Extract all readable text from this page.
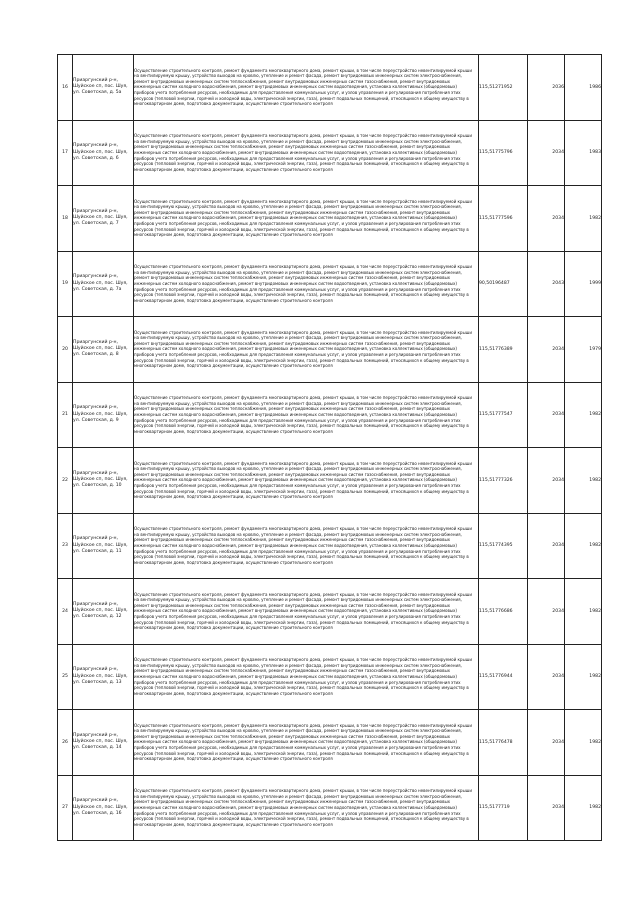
16	Приаргунский р-н, Шуйское сп, пос. Шуя, ул. Советская, д. 5а	Осуществление строительного контроля, ремонт фундамента многоквартирного дома, ремонт крыши, в том числе переустройство невентилируемой крыши на вентилируемую крышу, устройство выходов на кровлю, утепление и ремонт фасада, ремонт внутридомовых инженерных систем электроснабжения, ремонт внутридомовых инженерных систем теплоснабжения, ремонт внутридомовых инженерных систем газоснабжения, ремонт внутридомовых инженерных систем холодного водоснабжения, ремонт внутридомовых инженерных систем водоотведения, установка коллективных (общедомовых) приборов учета потребления ресурсов, необходимых для предоставления коммунальных услуг, и узлов управления и регулирования потребления этих ресурсов (тепловой энергии, горячей и холодной воды, электрической энергии, газа), ремонт подвальных помещений, относящихся к общему имуществу в многоквартирном доме, подготовка документации, осуществление строительного контроля	115,51271952	2036	1986
17	Приаргунский р-н, Шуйское сп, пос. Шуя, ул. Советская, д. 6	Осуществление строительного контроля, ремонт фундамента многоквартирного дома, ремонт крыши, в том числе переустройство невентилируемой крыши на вентилируемую крышу, устройство выходов на кровлю, утепление и ремонт фасада, ремонт внутридомовых инженерных систем электроснабжения, ремонт внутридомовых инженерных систем теплоснабжения, ремонт внутридомовых инженерных систем газоснабжения, ремонт внутридомовых инженерных систем холодного водоснабжения, ремонт внутридомовых инженерных систем водоотведения, установка коллективных (общедомовых) приборов учета потребления ресурсов, необходимых для предоставления коммунальных услуг, и узлов управления и регулирования потребления этих ресурсов (тепловой энергии, горячей и холодной воды, электрической энергии, газа), ремонт подвальных помещений, относящихся к общему имуществу в многоквартирном доме, подготовка документации, осуществление строительного контроля	115,51775796	2034	1983
18	Приаргунский р-н, Шуйское сп, пос. Шуя, ул. Советская, д. 7	Осуществление строительного контроля, ремонт фундамента многоквартирного дома, ремонт крыши, в том числе переустройство невентилируемой крыши на вентилируемую крышу, устройство выходов на кровлю, утепление и ремонт фасада, ремонт внутридомовых инженерных систем электроснабжения, ремонт внутридомовых инженерных систем теплоснабжения, ремонт внутридомовых инженерных систем газоснабжения, ремонт внутридомовых инженерных систем холодного водоснабжения, ремонт внутридомовых инженерных систем водоотведения, установка коллективных (общедомовых) приборов учета потребления ресурсов, необходимых для предоставления коммунальных услуг, и узлов управления и регулирования потребления этих ресурсов (тепловой энергии, горячей и холодной воды, электрической энергии, газа), ремонт подвальных помещений, относящихся к общему имуществу в многоквартирном доме, подготовка документации, осуществление строительного контроля	115,51777596	2034	1982
19	Приаргунский р-н, Шуйское сп, пос. Шуя, ул. Советская, д. 7а	Осуществление строительного контроля, ремонт фундамента многоквартирного дома, ремонт крыши, в том числе переустройство невентилируемой крыши на вентилируемую крышу, устройство выходов на кровлю, утепление и ремонт фасада, ремонт внутридомовых инженерных систем электроснабжения, ремонт внутридомовых инженерных систем теплоснабжения, ремонт внутридомовых инженерных систем газоснабжения, ремонт внутридомовых инженерных систем холодного водоснабжения, ремонт внутридомовых инженерных систем водоотведения, установка коллективных (общедомовых) приборов учета потребления ресурсов, необходимых для предоставления коммунальных услуг, и узлов управления и регулирования потребления этих ресурсов (тепловой энергии, горячей и холодной воды, электрической энергии, газа), ремонт подвальных помещений, относящихся к общему имуществу в многоквартирном доме, подготовка документации, осуществление строительного контроля	90,50196487	2043	1999
20	Приаргунский р-н, Шуйское сп, пос. Шуя, ул. Советская, д. 8	Осуществление строительного контроля, ремонт фундамента многоквартирного дома, ремонт крыши, в том числе переустройство невентилируемой крыши на вентилируемую крышу, устройство выходов на кровлю, утепление и ремонт фасада, ремонт внутридомовых инженерных систем электроснабжения, ремонт внутридомовых инженерных систем теплоснабжения, ремонт внутридомовых инженерных систем газоснабжения, ремонт внутридомовых инженерных систем холодного водоснабжения, ремонт внутридомовых инженерных систем водоотведения, установка коллективных (общедомовых) приборов учета потребления ресурсов, необходимых для предоставления коммунальных услуг, и узлов управления и регулирования потребления этих ресурсов (тепловой энергии, горячей и холодной воды, электрической энергии, газа), ремонт подвальных помещений, относящихся к общему имуществу в многоквартирном доме, подготовка документации, осуществление строительного контроля	115,51776389	2034	1979
21	Приаргунский р-н, Шуйское сп, пос. Шуя, ул. Советская, д. 9	Осуществление строительного контроля, ремонт фундамента многоквартирного дома, ремонт крыши, в том числе переустройство невентилируемой крыши на вентилируемую крышу, устройство выходов на кровлю, утепление и ремонт фасада, ремонт внутридомовых инженерных систем электроснабжения, ремонт внутридомовых инженерных систем теплоснабжения, ремонт внутридомовых инженерных систем газоснабжения, ремонт внутридомовых инженерных систем холодного водоснабжения, ремонт внутридомовых инженерных систем водоотведения, установка коллективных (общедомовых) приборов учета потребления ресурсов, необходимых для предоставления коммунальных услуг, и узлов управления и регулирования потребления этих ресурсов (тепловой энергии, горячей и холодной воды, электрической энергии, газа), ремонт подвальных помещений, относящихся к общему имуществу в многоквартирном доме, подготовка документации, осуществление строительного контроля	115,51777547	2034	1982
22	Приаргунский р-н, Шуйское сп, пос. Шуя, ул. Советская, д. 10	Осуществление строительного контроля, ремонт фундамента многоквартирного дома, ремонт крыши, в том числе переустройство невентилируемой крыши на вентилируемую крышу, устройство выходов на кровлю, утепление и ремонт фасада, ремонт внутридомовых инженерных систем электроснабжения, ремонт внутридомовых инженерных систем теплоснабжения, ремонт внутридомовых инженерных систем газоснабжения, ремонт внутридомовых инженерных систем холодного водоснабжения, ремонт внутридомовых инженерных систем водоотведения, установка коллективных (общедомовых) приборов учета потребления ресурсов, необходимых для предоставления коммунальных услуг, и узлов управления и регулирования потребления этих ресурсов (тепловой энергии, горячей и холодной воды, электрической энергии, газа), ремонт подвальных помещений, относящихся к общему имуществу в многоквартирном доме, подготовка документации, осуществление строительного контроля	115,51777326	2034	1982
23	Приаргунский р-н, Шуйское сп, пос. Шуя, ул. Советская, д. 11	Осуществление строительного контроля, ремонт фундамента многоквартирного дома, ремонт крыши, в том числе переустройство невентилируемой крыши на вентилируемую крышу, устройство выходов на кровлю, утепление и ремонт фасада, ремонт внутридомовых инженерных систем электроснабжения, ремонт внутридомовых инженерных систем теплоснабжения, ремонт внутридомовых инженерных систем газоснабжения, ремонт внутридомовых инженерных систем холодного водоснабжения, ремонт внутридомовых инженерных систем водоотведения, установка коллективных (общедомовых) приборов учета потребления ресурсов, необходимых для предоставления коммунальных услуг, и узлов управления и регулирования потребления этих ресурсов (тепловой энергии, горячей и холодной воды, электрической энергии, газа), ремонт подвальных помещений, относящихся к общему имуществу в многоквартирном доме, подготовка документации, осуществление строительного контроля	115,51774395	2034	1982
24	Приаргунский р-н, Шуйское сп, пос. Шуя, ул. Советская, д. 12	Осуществление строительного контроля, ремонт фундамента многоквартирного дома, ремонт крыши, в том числе переустройство невентилируемой крыши на вентилируемую крышу, устройство выходов на кровлю, утепление и ремонт фасада, ремонт внутридомовых инженерных систем электроснабжения, ремонт внутридомовых инженерных систем теплоснабжения, ремонт внутридомовых инженерных систем газоснабжения, ремонт внутридомовых инженерных систем холодного водоснабжения, ремонт внутридомовых инженерных систем водоотведения, установка коллективных (общедомовых) приборов учета потребления ресурсов, необходимых для предоставления коммунальных услуг, и узлов управления и регулирования потребления этих ресурсов (тепловой энергии, горячей и холодной воды, электрической энергии, газа), ремонт подвальных помещений, относящихся к общему имуществу в многоквартирном доме, подготовка документации, осуществление строительного контроля	115,51776686	2034	1982
25	Приаргунский р-н, Шуйское сп, пос. Шуя, ул. Советская, д. 13	Осуществление строительного контроля, ремонт фундамента многоквартирного дома, ремонт крыши, в том числе переустройство невентилируемой крыши на вентилируемую крышу, устройство выходов на кровлю, утепление и ремонт фасада, ремонт внутридомовых инженерных систем электроснабжения, ремонт внутридомовых инженерных систем теплоснабжения, ремонт внутридомовых инженерных систем газоснабжения, ремонт внутридомовых инженерных систем холодного водоснабжения, ремонт внутридомовых инженерных систем водоотведения, установка коллективных (общедомовых) приборов учета потребления ресурсов, необходимых для предоставления коммунальных услуг, и узлов управления и регулирования потребления этих ресурсов (тепловой энергии, горячей и холодной воды, электрической энергии, газа), ремонт подвальных помещений, относящихся к общему имуществу в многоквартирном доме, подготовка документации, осуществление строительного контроля	115,51776944	2034	1982
26	Приаргунский р-н, Шуйское сп, пос. Шуя, ул. Советская, д. 14	Осуществление строительного контроля, ремонт фундамента многоквартирного дома, ремонт крыши, в том числе переустройство невентилируемой крыши на вентилируемую крышу, устройство выходов на кровлю, утепление и ремонт фасада, ремонт внутридомовых инженерных систем электроснабжения, ремонт внутридомовых инженерных систем теплоснабжения, ремонт внутридомовых инженерных систем газоснабжения, ремонт внутридомовых инженерных систем холодного водоснабжения, ремонт внутридомовых инженерных систем водоотведения, установка коллективных (общедомовых) приборов учета потребления ресурсов, необходимых для предоставления коммунальных услуг, и узлов управления и регулирования потребления этих ресурсов (тепловой энергии, горячей и холодной воды, электрической энергии, газа), ремонт подвальных помещений, относящихся к общему имуществу в многоквартирном доме, подготовка документации, осуществление строительного контроля	115,51776478	2034	1982
27	Приаргунский р-н, Шуйское сп, пос. Шуя, ул. Советская, д. 16	Осуществление строительного контроля, ремонт фундамента многоквартирного дома, ремонт крыши, в том числе переустройство невентилируемой крыши на вентилируемую крышу, устройство выходов на кровлю, утепление и ремонт фасада, ремонт внутридомовых инженерных систем электроснабжения, ремонт внутридомовых инженерных систем теплоснабжения, ремонт внутридомовых инженерных систем газоснабжения, ремонт внутридомовых инженерных систем холодного водоснабжения, ремонт внутридомовых инженерных систем водоотведения, установка коллективных (общедомовых) приборов учета потребления ресурсов, необходимых для предоставления коммунальных услуг, и узлов управления и регулирования потребления этих ресурсов (тепловой энергии, горячей и холодной воды, электрической энергии, газа), ремонт подвальных помещений, относящихся к общему имуществу в многоквартирном доме, подготовка документации, осуществление строительного контроля	115,5177719	2034	1982
